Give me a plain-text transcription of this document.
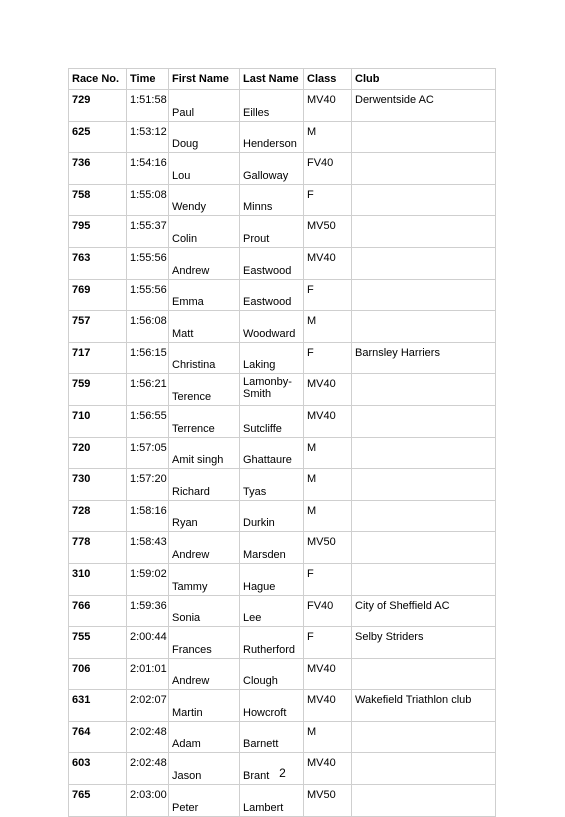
Race No.	Time	First Name	Last Name	Class	Club
729	1:51:58	Paul	Eilles	MV40	Derwentside AC
625	1:53:12	Doug	Henderson	M	
736	1:54:16	Lou	Galloway	FV40	
758	1:55:08	Wendy	Minns	F	
795	1:55:37	Colin	Prout	MV50	
763	1:55:56	Andrew	Eastwood	MV40	
769	1:55:56	Emma	Eastwood	F	
757	1:56:08	Matt	Woodward	M	
717	1:56:15	Christina	Laking	F	Barnsley Harriers
759	1:56:21	Terence	Lamonby-​Smith	MV40	
710	1:56:55	Terrence	Sutcliffe	MV40	
720	1:57:05	Amit singh	Ghattaure	M	
730	1:57:20	Richard	Tyas	M	
728	1:58:16	Ryan	Durkin	M	
778	1:58:43	Andrew	Marsden	MV50	
310	1:59:02	Tammy	Hague	F	
766	1:59:36	Sonia	Lee	FV40	City of Sheffield AC
755	2:00:44	Frances	Rutherford	F	Selby Striders
706	2:01:01	Andrew	Clough	MV40	
631	2:02:07	Martin	Howcroft	MV40	Wakefield Triathlon club
764	2:02:48	Adam	Barnett	M	
603	2:02:48	Jason	Brant	MV40	
765	2:03:00	Peter	Lambert	MV50	
2
